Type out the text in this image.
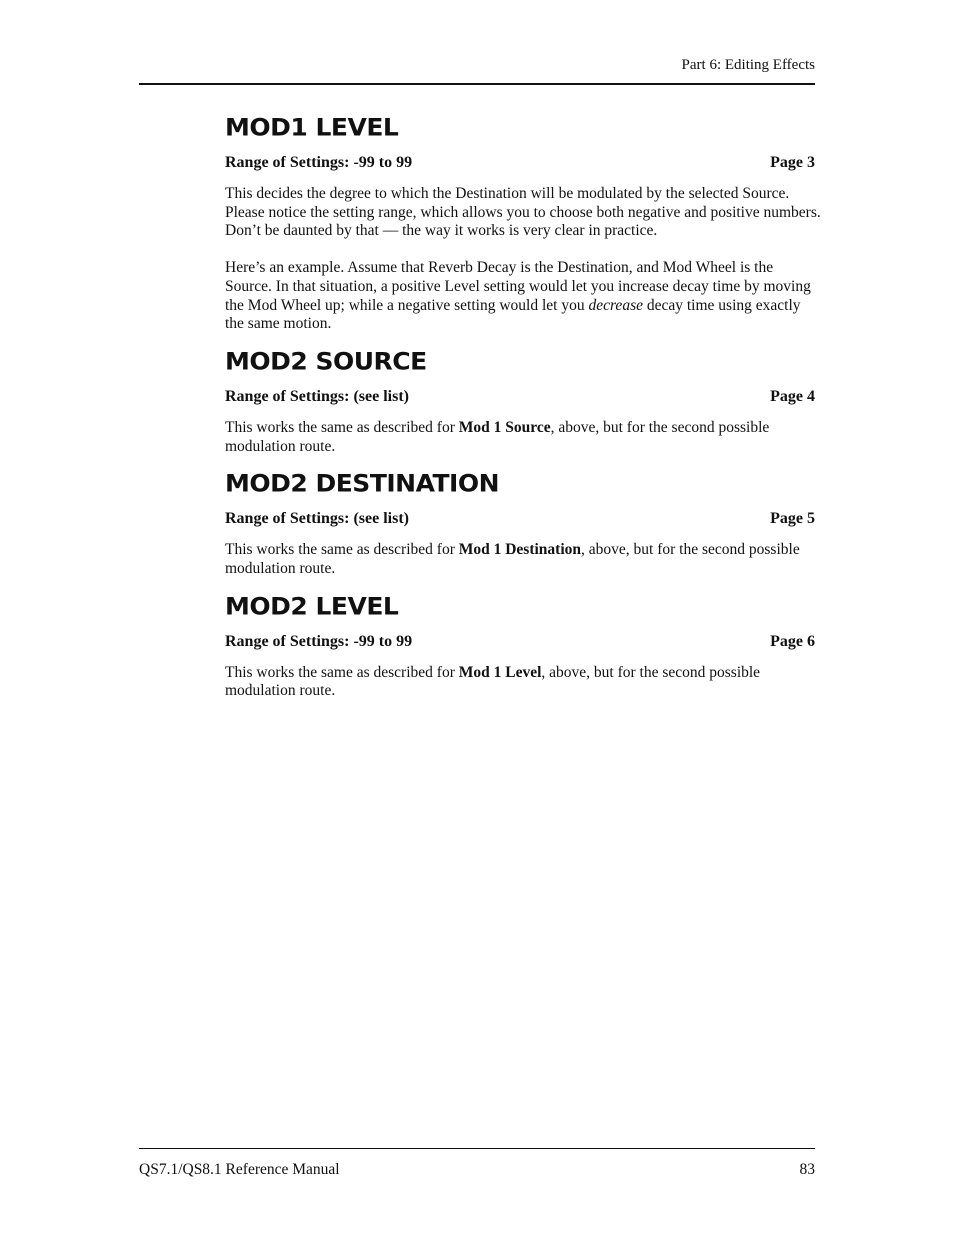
Part 6: Editing Effects
MOD1 LEVEL
Range of Settings: -99 to 99	Page 3

This decides the degree to which the Destination will be modulated by the selected Source. Please notice the setting range, which allows you to choose both negative and positive numbers. Don’t be daunted by that — the way it works is very clear in practice.

Here’s an example. Assume that Reverb Decay is the Destination, and Mod Wheel is the Source. In that situation, a positive Level setting would let you increase decay time by moving the Mod Wheel up; while a negative setting would let you decrease decay time using exactly the same motion.

MOD2 SOURCE
Range of Settings: (see list)	Page 4

This works the same as described for Mod 1 Source, above, but for the second possible modulation route.

MOD2 DESTINATION
Range of Settings: (see list)	Page 5

This works the same as described for Mod 1 Destination, above, but for the second possible modulation route.

MOD2 LEVEL
Range of Settings: -99 to 99	Page 6

This works the same as described for Mod 1 Level, above, but for the second possible modulation route.

QS7.1/QS8.1 Reference Manual	83
